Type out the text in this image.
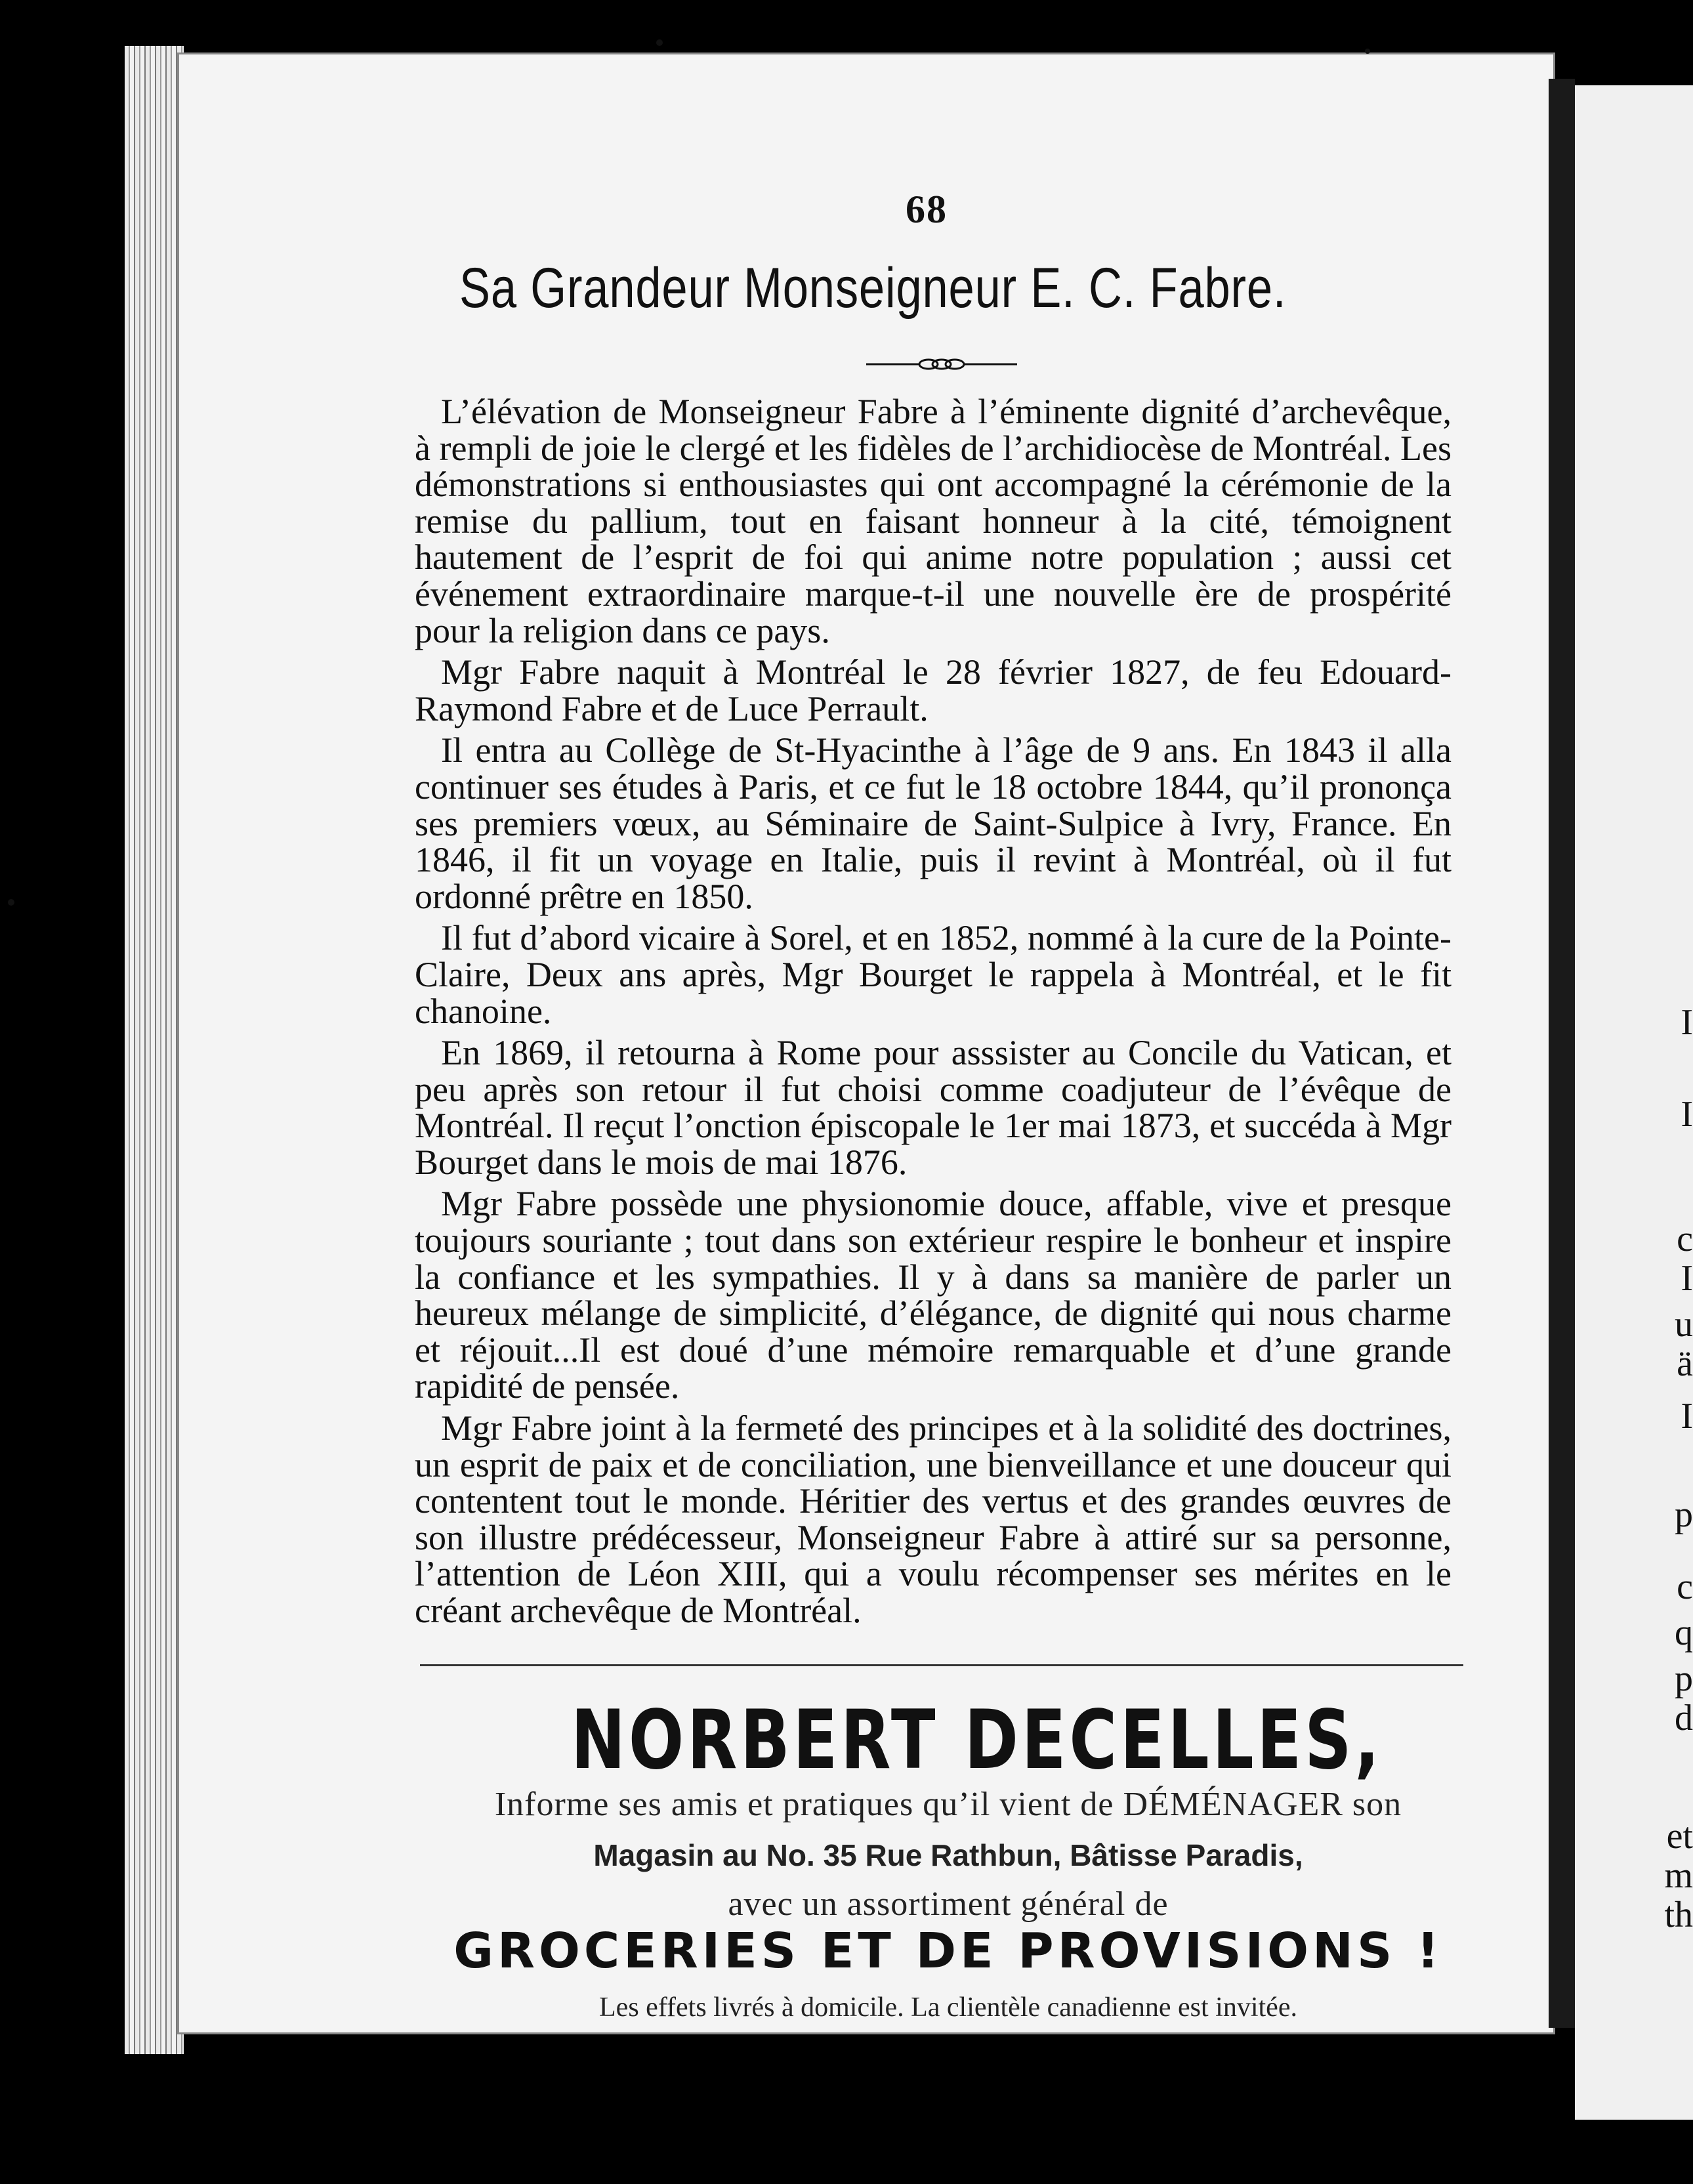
I
I
c
I
u
ä
I
p
c
q
p
d
et
m
th
68
Sa Grandeur Monseigneur E. C. Fabre.

L’élévation de Monseigneur Fabre à l’éminente dignité d’archevêque, à rempli de joie le clergé et les fidèles de l’archidiocèse de Montréal. Les démonstrations si enthousiastes qui ont accompagné la cérémonie de la remise du pallium, tout en faisant honneur à la cité, témoignent hautement de l’esprit de foi qui anime notre population ; aussi cet événement extraordinaire marque-t-il une nouvelle ère de prospérité pour la religion dans ce pays.

Mgr Fabre naquit à Montréal le 28 février 1827, de feu Edouard-Raymond Fabre et de Luce Perrault.

Il entra au Collège de St-Hyacinthe à l’âge de 9 ans. En 1843 il alla continuer ses études à Paris, et ce fut le 18 octobre 1844, qu’il prononça ses premiers vœux, au Séminaire de Saint-Sulpice à Ivry, France. En 1846, il fit un voyage en Italie, puis il revint à Montréal, où il fut ordonné prêtre en 1850.

Il fut d’abord vicaire à Sorel, et en 1852, nommé à la cure de la Pointe-Claire, Deux ans après, Mgr Bourget le rappela à Montréal, et le fit chanoine.

En 1869, il retourna à Rome pour asssister au Concile du Vatican, et peu après son retour il fut choisi comme coadjuteur de l’évêque de Montréal. Il reçut l’onction épiscopale le 1er mai 1873, et succéda à Mgr Bourget dans le mois de mai 1876.

Mgr Fabre possède une physionomie douce, affable, vive et presque toujours souriante ; tout dans son extérieur respire le bonheur et inspire la confiance et les sympathies. Il y à dans sa manière de parler un heureux mélange de simplicité, d’élégance, de dignité qui nous charme et réjouit...Il est doué d’une mémoire remarquable et d’une grande rapidité de pensée.

Mgr Fabre joint à la fermeté des principes et à la solidité des doctrines, un esprit de paix et de conciliation, une bienveillance et une douceur qui contentent tout le monde. Héritier des vertus et des grandes œuvres de son illustre prédécesseur, Monseigneur Fabre à attiré sur sa personne, l’attention de Léon XIII, qui a voulu récompenser ses mérites en le créant archevêque de Montréal.

NORBERT DECELLES,
Informe ses amis et pratiques qu’il vient de DÉMÉNAGER son
Magasin au No. 35 Rue Rathbun, Bâtisse Paradis,
avec un assortiment général de
GROCERIES ET DE PROVISIONS !
Les effets livrés à domicile. La clientèle canadienne est invitée.
